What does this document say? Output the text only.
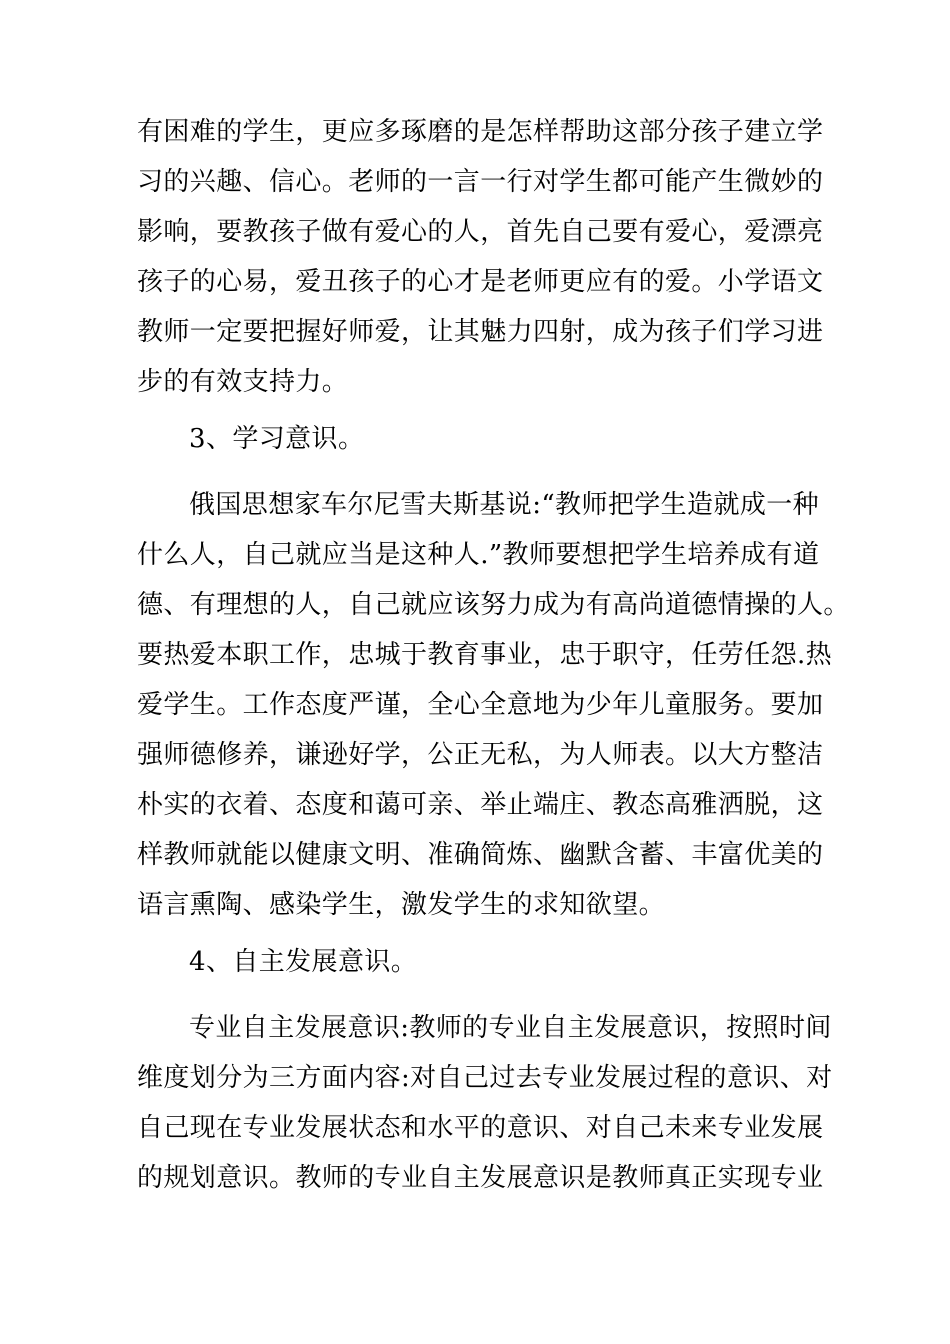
有困难的学生，更应多琢磨的是怎样帮助这部分孩子建立学
习的兴趣、信心。老师的一言一行对学生都可能产生微妙的
影响，要教孩子做有爱心的人，首先自己要有爱心，爱漂亮
孩子的心易，爱丑孩子的心才是老师更应有的爱。小学语文
教师一定要把握好师爱，让其魅力四射，成为孩子们学习进
步的有效支持力。
3、学习意识。
俄国思想家车尔尼雪夫斯基说:“教师把学生造就成一种
什么人，自己就应当是这种人.”教师要想把学生培养成有道
德、有理想的人，自己就应该努力成为有高尚道德情操的人。
要热爱本职工作，忠城于教育事业，忠于职守，任劳任怨.热
爱学生。工作态度严谨，全心全意地为少年儿童服务。要加
强师德修养，谦逊好学，公正无私，为人师表。以大方整洁
朴实的衣着、态度和蔼可亲、举止端庄、教态高雅洒脱，这
样教师就能以健康文明、准确简炼、幽默含蓄、丰富优美的
语言熏陶、感染学生，激发学生的求知欲望。
4、自主发展意识。
专业自主发展意识:教师的专业自主发展意识，按照时间
维度划分为三方面内容:对自己过去专业发展过程的意识、对
自己现在专业发展状态和水平的意识、对自己未来专业发展
的规划意识。教师的专业自主发展意识是教师真正实现专业
